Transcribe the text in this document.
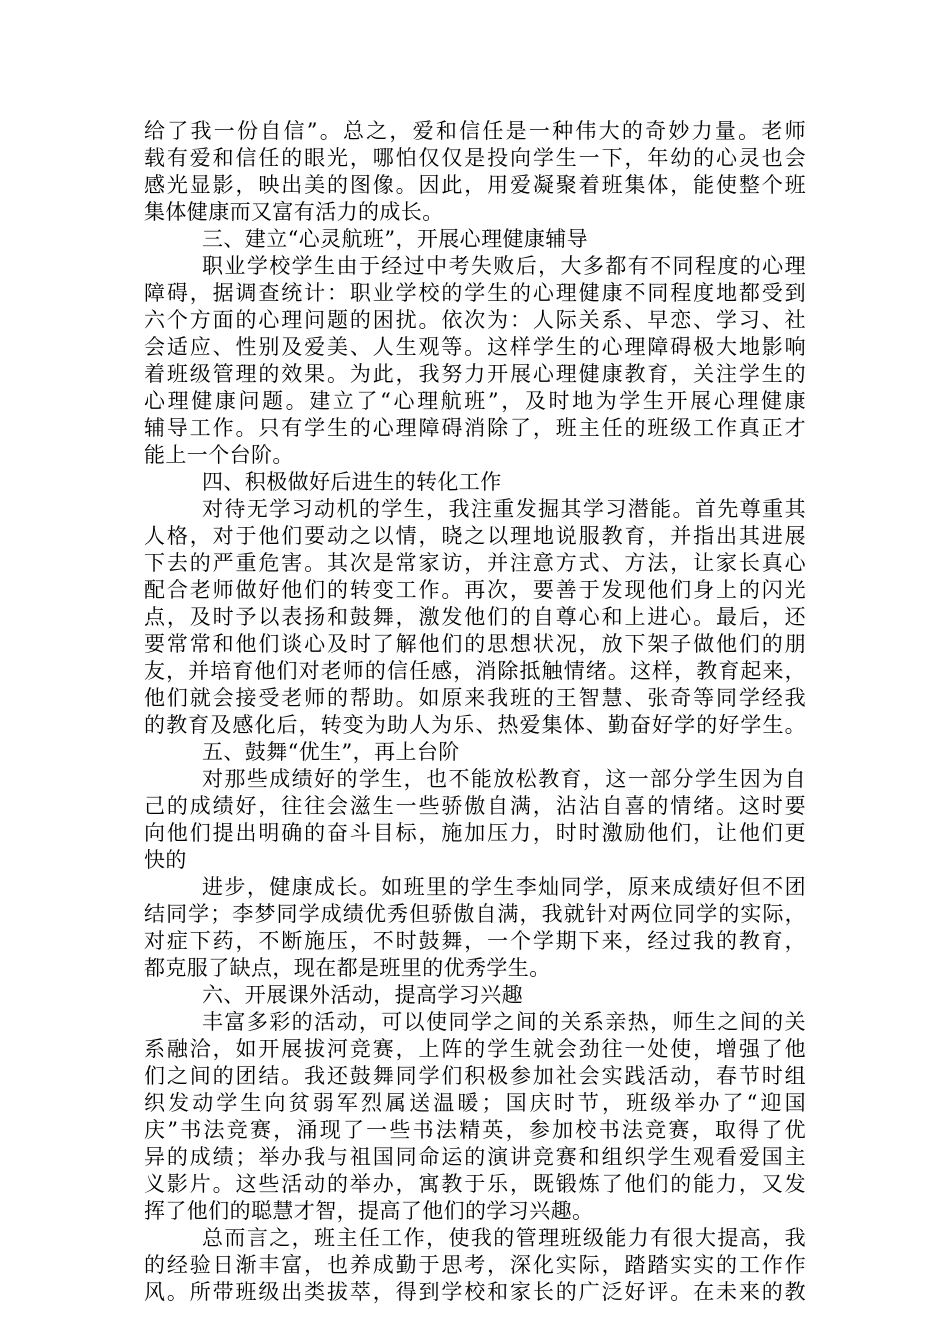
给了我一份自信”。总之，爱和信任是一种伟大的奇妙力量。老师
载有爱和信任的眼光，哪怕仅仅是投向学生一下，年幼的心灵也会
感光显影，映出美的图像。因此，用爱凝聚着班集体，能使整个班
集体健康而又富有活力的成长。
三、建立“心灵航班”，开展心理健康辅导
职业学校学生由于经过中考失败后，大多都有不同程度的心理
障碍，据调查统计：职业学校的学生的心理健康不同程度地都受到
六个方面的心理问题的困扰。依次为：人际关系、早恋、学习、社
会适应、性别及爱美、人生观等。这样学生的心理障碍极大地影响
着班级管理的效果。为此，我努力开展心理健康教育，关注学生的
心理健康问题。建立了“心理航班”，及时地为学生开展心理健康
辅导工作。只有学生的心理障碍消除了，班主任的班级工作真正才
能上一个台阶。
四、积极做好后进生的转化工作
对待无学习动机的学生，我注重发掘其学习潜能。首先尊重其
人格，对于他们要动之以情，晓之以理地说服教育，并指出其进展
下去的严重危害。其次是常家访，并注意方式、方法，让家长真心
配合老师做好他们的转变工作。再次，要善于发现他们身上的闪光
点，及时予以表扬和鼓舞，激发他们的自尊心和上进心。最后，还
要常常和他们谈心及时了解他们的思想状况，放下架子做他们的朋
友，并培育他们对老师的信任感，消除抵触情绪。这样，教育起来，
他们就会接受老师的帮助。如原来我班的王智慧、张奇等同学经我
的教育及感化后，转变为助人为乐、热爱集体、勤奋好学的好学生。
五、鼓舞“优生”，再上台阶
对那些成绩好的学生，也不能放松教育，这一部分学生因为自
己的成绩好，往往会滋生一些骄傲自满，沾沾自喜的情绪。这时要
向他们提出明确的奋斗目标，施加压力，时时激励他们，让他们更
快的
进步，健康成长。如班里的学生李灿同学，原来成绩好但不团
结同学；李梦同学成绩优秀但骄傲自满，我就针对两位同学的实际，
对症下药，不断施压，不时鼓舞，一个学期下来，经过我的教育，
都克服了缺点，现在都是班里的优秀学生。
六、开展课外活动，提高学习兴趣
丰富多彩的活动，可以使同学之间的关系亲热，师生之间的关
系融洽，如开展拔河竞赛，上阵的学生就会劲往一处使，增强了他
们之间的团结。我还鼓舞同学们积极参加社会实践活动，春节时组
织发动学生向贫弱军烈属送温暖；国庆时节，班级举办了“迎国
庆”书法竞赛，涌现了一些书法精英，参加校书法竞赛，取得了优
异的成绩；举办我与祖国同命运的演讲竞赛和组织学生观看爱国主
义影片。这些活动的举办，寓教于乐，既锻炼了他们的能力，又发
挥了他们的聪慧才智，提高了他们的学习兴趣。
总而言之，班主任工作，使我的管理班级能力有很大提高，我
的经验日渐丰富，也养成勤于思考，深化实际，踏踏实实的工作作
风。所带班级出类拔萃，得到学校和家长的广泛好评。在未来的教
